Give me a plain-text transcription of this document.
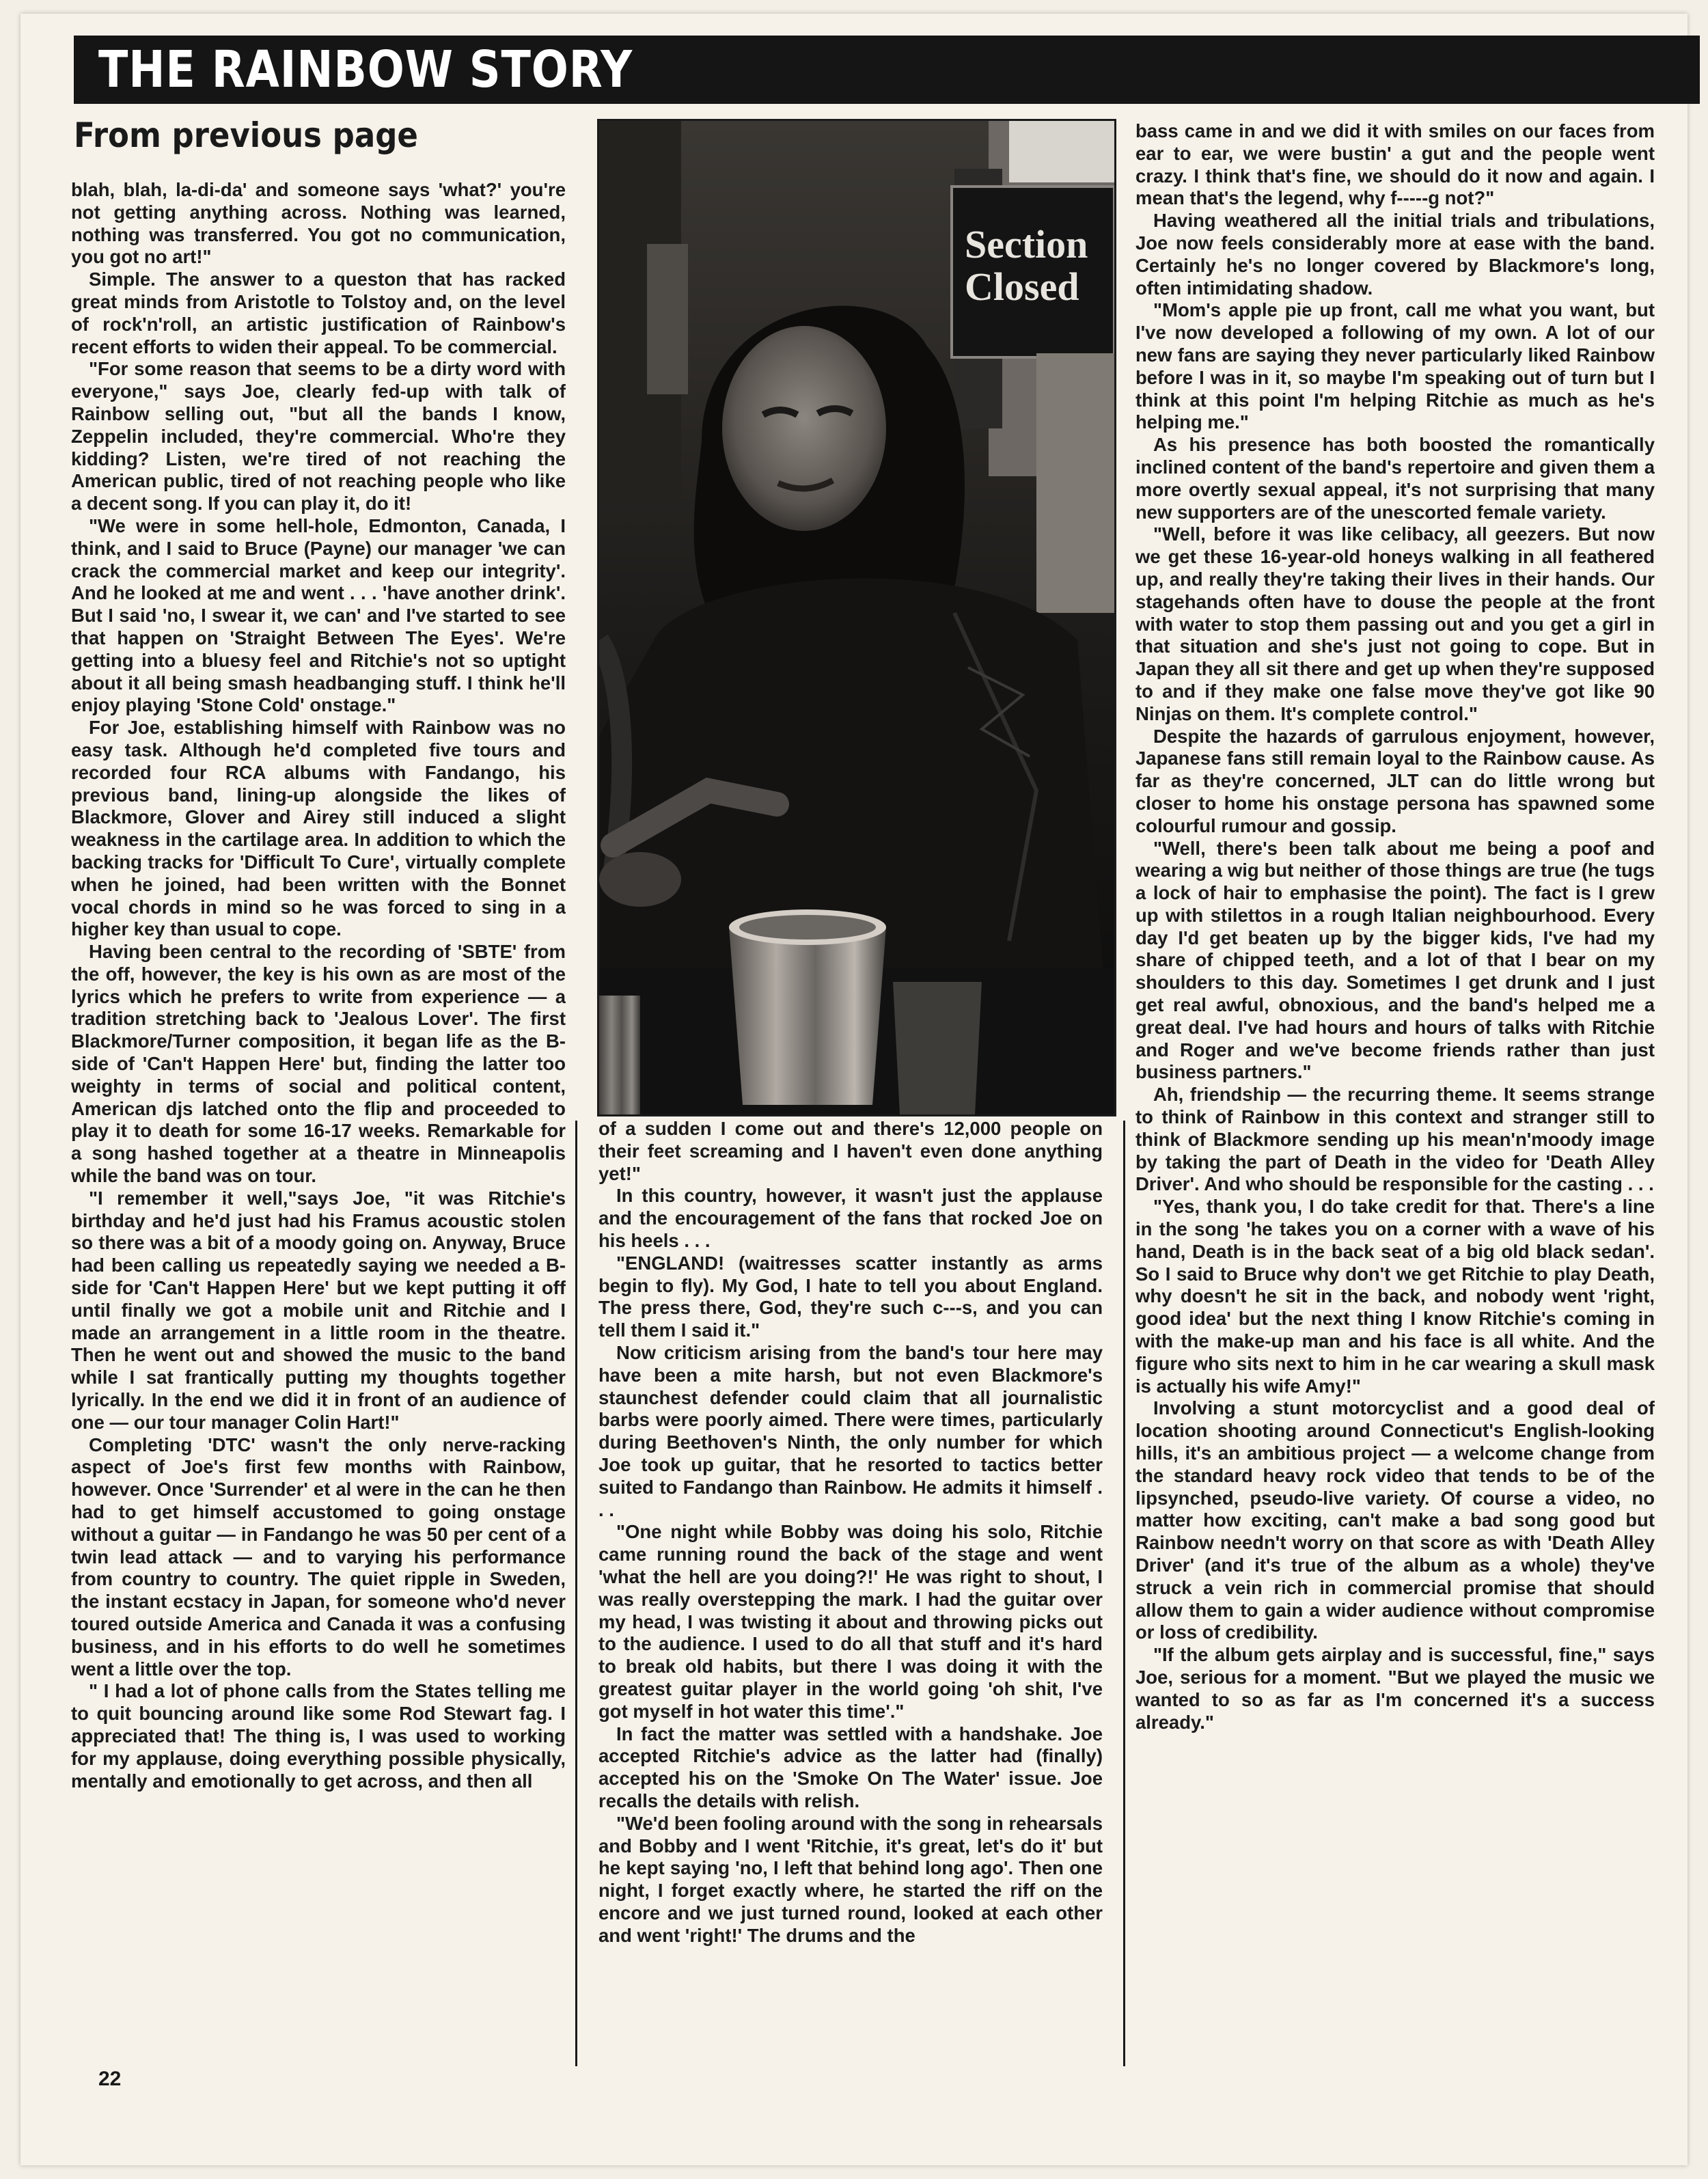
THE RAINBOW STORY
From previous page

blah, blah, la-di-da' and someone says 'what?' you're not getting anything across. Nothing was learned, nothing was transferred. You got no communication, you got no art!"

Simple. The answer to a queston that has racked great minds from Aristotle to Tolstoy and, on the level of rock'n'roll, an artistic justification of Rainbow's recent efforts to widen their appeal. To be commercial.

"For some reason that seems to be a dirty word with everyone," says Joe, clearly fed-up with talk of Rainbow selling out, "but all the bands I know, Zeppelin included, they're commercial. Who're they kidding? Listen, we're tired of not reaching the American public, tired of not reaching people who like a decent song. If you can play it, do it!

"We were in some hell-hole, Edmonton, Canada, I think, and I said to Bruce (Payne) our manager 'we can crack the commercial market and keep our integrity'. And he looked at me and went . . . 'have another drink'. But I said 'no, I swear it, we can' and I've started to see that happen on 'Straight Between The Eyes'. We're getting into a bluesy feel and Ritchie's not so uptight about it all being smash headbanging stuff. I think he'll enjoy playing 'Stone Cold' onstage."

For Joe, establishing himself with Rainbow was no easy task. Although he'd completed five tours and recorded four RCA albums with Fandango, his previous band, lining-up alongside the likes of Blackmore, Glover and Airey still induced a slight weakness in the cartilage area. In addition to which the backing tracks for 'Difficult To Cure', virtually complete when he joined, had been written with the Bonnet vocal chords in mind so he was forced to sing in a higher key than usual to cope.

Having been central to the recording of 'SBTE' from the off, however, the key is his own as are most of the lyrics which he prefers to write from experience — a tradition stretching back to 'Jealous Lover'. The first Blackmore/Turner composition, it began life as the B-side of 'Can't Happen Here' but, finding the latter too weighty in terms of social and political content, American djs latched onto the flip and proceeded to play it to death for some 16-17 weeks. Remarkable for a song hashed together at a theatre in Minneapolis while the band was on tour.

"I remember it well,"says Joe, "it was Ritchie's birthday and he'd just had his Framus acoustic stolen so there was a bit of a moody going on. Anyway, Bruce had been calling us repeatedly saying we needed a B-side for 'Can't Happen Here' but we kept putting it off until finally we got a mobile unit and Ritchie and I made an arrangement in a little room in the theatre. Then he went out and showed the music to the band while I sat frantically putting my thoughts together lyrically. In the end we did it in front of an audience of one — our tour manager Colin Hart!"

Completing 'DTC' wasn't the only nerve-racking aspect of Joe's first few months with Rainbow, however. Once 'Surrender' et al were in the can he then had to get himself accustomed to going onstage without a guitar — in Fandango he was 50 per cent of a twin lead attack — and to varying his performance from country to country. The quiet ripple in Sweden, the instant ecstacy in Japan, for someone who'd never toured outside America and Canada it was a confusing business, and in his efforts to do well he sometimes went a little over the top.

" I had a lot of phone calls from the States telling me to quit bouncing around like some Rod Stewart fag. I appreciated that! The thing is, I was used to working for my applause, doing everything possible physically, mentally and emotionally to get across, and then all

Section
Closed

of a sudden I come out and there's 12,000 people on their feet screaming and I haven't even done anything yet!"

In this country, however, it wasn't just the applause and the encouragement of the fans that rocked Joe on his heels . . .

"ENGLAND! (waitresses scatter instantly as arms begin to fly). My God, I hate to tell you about England. The press there, God, they're such c---s, and you can tell them I said it."

Now criticism arising from the band's tour here may have been a mite harsh, but not even Blackmore's staunchest defender could claim that all journalistic barbs were poorly aimed. There were times, particularly during Beethoven's Ninth, the only number for which Joe took up guitar, that he resorted to tactics better suited to Fandango than Rainbow. He admits it himself . . .

"One night while Bobby was doing his solo, Ritchie came running round the back of the stage and went 'what the hell are you doing?!' He was right to shout, I was really overstepping the mark. I had the guitar over my head, I was twisting it about and throwing picks out to the audience. I used to do all that stuff and it's hard to break old habits, but there I was doing it with the greatest guitar player in the world going 'oh shit, I've got myself in hot water this time'."

In fact the matter was settled with a handshake. Joe accepted Ritchie's advice as the latter had (finally) accepted his on the 'Smoke On The Water' issue. Joe recalls the details with relish.

"We'd been fooling around with the song in rehearsals and Bobby and I went 'Ritchie, it's great, let's do it' but he kept saying 'no, I left that behind long ago'. Then one night, I forget exactly where, he started the riff on the encore and we just turned round, looked at each other and went 'right!' The drums and the

bass came in and we did it with smiles on our faces from ear to ear, we were bustin' a gut and the people went crazy. I think that's fine, we should do it now and again. I mean that's the legend, why f-----g not?"

Having weathered all the initial trials and tribulations, Joe now feels considerably more at ease with the band. Certainly he's no longer covered by Blackmore's long, often intimidating shadow.

"Mom's apple pie up front, call me what you want, but I've now developed a following of my own. A lot of our new fans are saying they never particularly liked Rainbow before I was in it, so maybe I'm speaking out of turn but I think at this point I'm helping Ritchie as much as he's helping me."

As his presence has both boosted the romantically inclined content of the band's repertoire and given them a more overtly sexual appeal, it's not surprising that many new supporters are of the unescorted female variety.

"Well, before it was like celibacy, all geezers. But now we get these 16-year-old honeys walking in all feathered up, and really they're taking their lives in their hands. Our stagehands often have to douse the people at the front with water to stop them passing out and you get a girl in that situation and she's just not going to cope. But in Japan they all sit there and get up when they're supposed to and if they make one false move they've got like 90 Ninjas on them. It's complete control."

Despite the hazards of garrulous enjoyment, however, Japanese fans still remain loyal to the Rainbow cause. As far as they're concerned, JLT can do little wrong but closer to home his onstage persona has spawned some colourful rumour and gossip.

"Well, there's been talk about me being a poof and wearing a wig but neither of those things are true (he tugs a lock of hair to emphasise the point). The fact is I grew up with stilettos in a rough Italian neighbourhood. Every day I'd get beaten up by the bigger kids, I've had my share of chipped teeth, and a lot of that I bear on my shoulders to this day. Sometimes I get drunk and I just get real awful, obnoxious, and the band's helped me a great deal. I've had hours and hours of talks with Ritchie and Roger and we've become friends rather than just business partners."

Ah, friendship — the recurring theme. It seems strange to think of Rainbow in this context and stranger still to think of Blackmore sending up his mean'n'moody image by taking the part of Death in the video for 'Death Alley Driver'. And who should be responsible for the casting . . .

"Yes, thank you, I do take credit for that. There's a line in the song 'he takes you on a corner with a wave of his hand, Death is in the back seat of a big old black sedan'. So I said to Bruce why don't we get Ritchie to play Death, why doesn't he sit in the back, and nobody went 'right, good idea' but the next thing I know Ritchie's coming in with the make-up man and his face is all white. And the figure who sits next to him in he car wearing a skull mask is actually his wife Amy!"

Involving a stunt motorcyclist and a good deal of location shooting around Connecticut's English-looking hills, it's an ambitious project — a welcome change from the standard heavy rock video that tends to be of the lipsynched, pseudo-live variety. Of course a video, no matter how exciting, can't make a bad song good but Rainbow needn't worry on that score as with 'Death Alley Driver' (and it's true of the album as a whole) they've struck a vein rich in commercial promise that should allow them to gain a wider audience without compromise or loss of credibility.

"If the album gets airplay and is successful, fine," says Joe, serious for a moment. "But we played the music we wanted to so as far as I'm concerned it's a success already."

22
